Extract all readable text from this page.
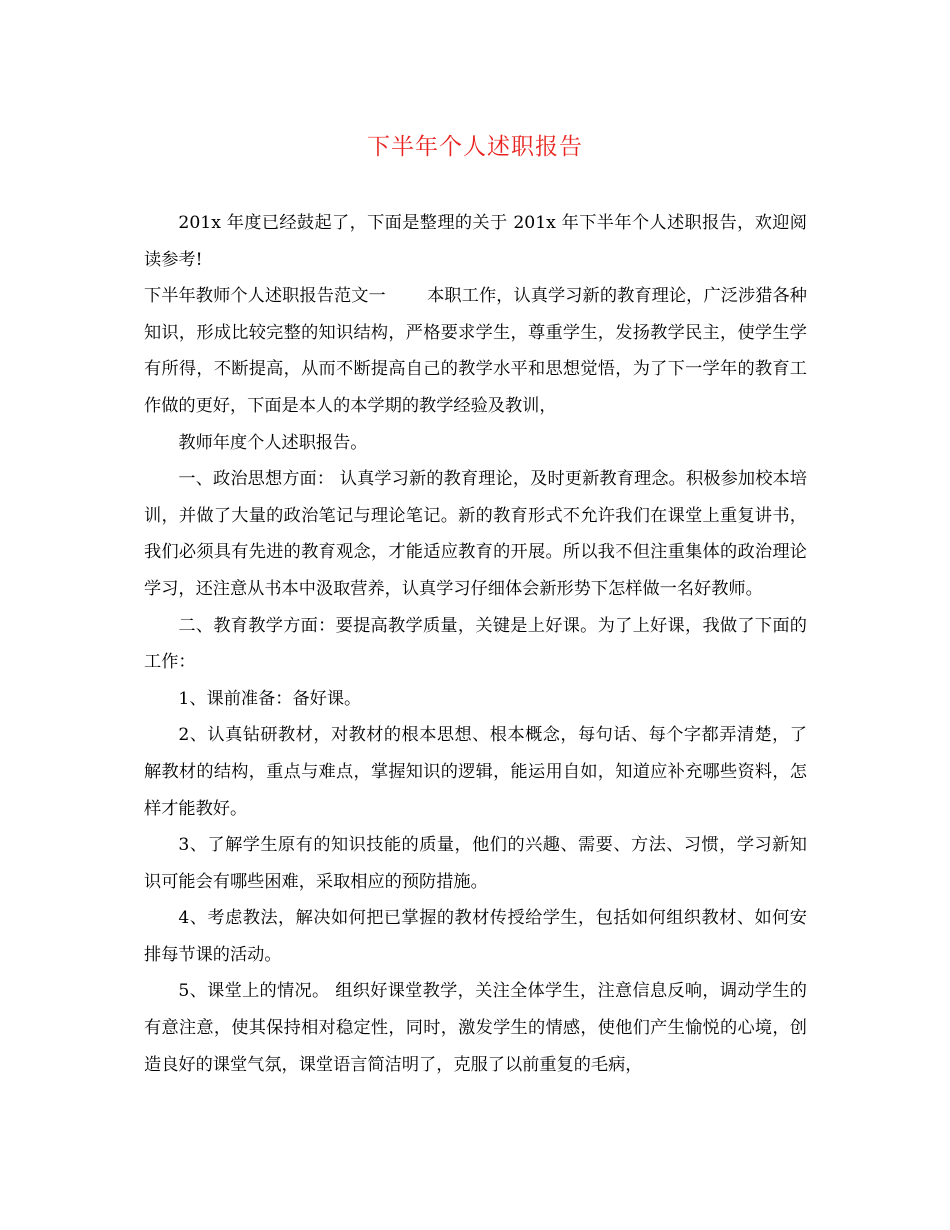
下半年个人述职报告

201x 年度已经鼓起了，下面是整理的关于 201x 年下半年个人述职报告，欢迎阅读参考!

下半年教师个人述职报告范文一 本职工作，认真学习新的教育理论，广泛涉猎各种知识，形成比较完整的知识结构，严格要求学生，尊重学生，发扬教学民主，使学生学有所得，不断提高，从而不断提高自己的教学水平和思想觉悟，为了下一学年的教育工作做的更好，下面是本人的本学期的教学经验及教训，

教师年度个人述职报告。

一、政治思想方面： 认真学习新的教育理论，及时更新教育理念。积极参加校本培训，并做了大量的政治笔记与理论笔记。新的教育形式不允许我们在课堂上重复讲书，我们必须具有先进的教育观念，才能适应教育的开展。所以我不但注重集体的政治理论学习，还注意从书本中汲取营养，认真学习仔细体会新形势下怎样做一名好教师。

二、教育教学方面：要提高教学质量，关键是上好课。为了上好课，我做了下面的工作：

1、课前准备：备好课。

2、认真钻研教材，对教材的根本思想、根本概念，每句话、每个字都弄清楚，了解教材的结构，重点与难点，掌握知识的逻辑，能运用自如，知道应补充哪些资料，怎样才能教好。

3、了解学生原有的知识技能的质量，他们的兴趣、需要、方法、习惯，学习新知识可能会有哪些困难，采取相应的预防措施。

4、考虑教法，解决如何把已掌握的教材传授给学生，包括如何组织教材、如何安排每节课的活动。

5、课堂上的情况。 组织好课堂教学，关注全体学生，注意信息反响，调动学生的有意注意，使其保持相对稳定性，同时，激发学生的情感，使他们产生愉悦的心境，创造良好的课堂气氛，课堂语言简洁明了，克服了以前重复的毛病，
